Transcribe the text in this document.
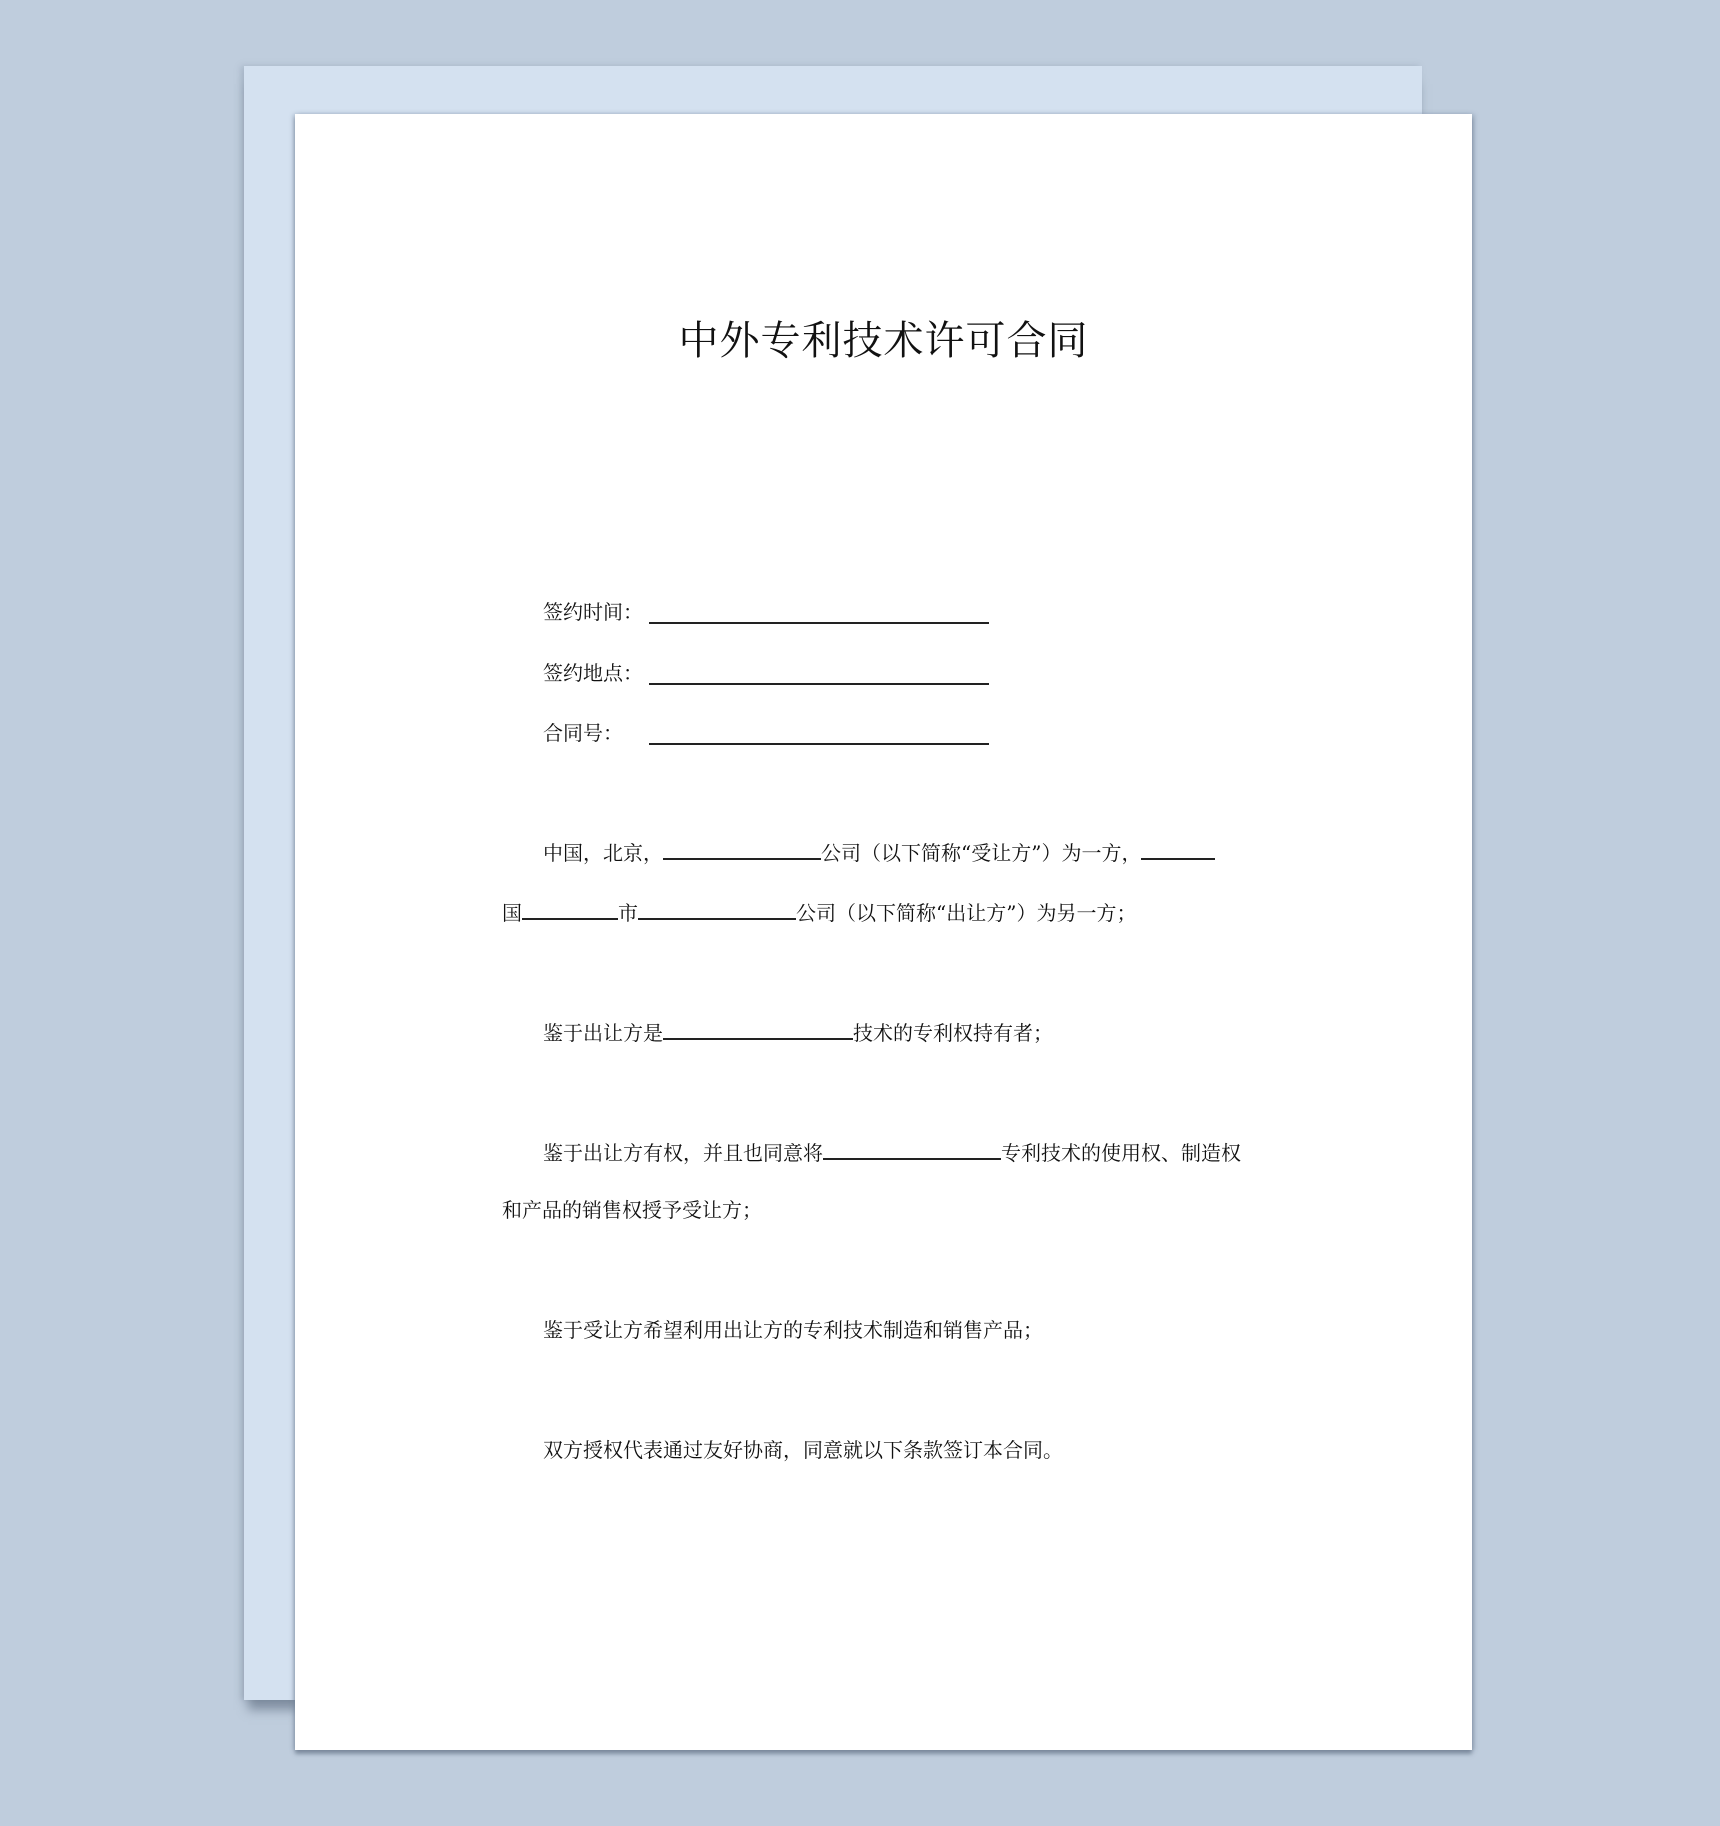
中外专利技术许可合同
签约时间：
签约地点：
合同号：
中国，北京，	公司（以下简称“受让方”）为一方，
国	市	公司（以下简称“出让方”）为另一方；
鉴于出让方是	技术的专利权持有者；
鉴于出让方有权，并且也同意将	专利技术的使用权、制造权
和产品的销售权授予受让方；
鉴于受让方希望利用出让方的专利技术制造和销售产品；
双方授权代表通过友好协商，同意就以下条款签订本合同。
